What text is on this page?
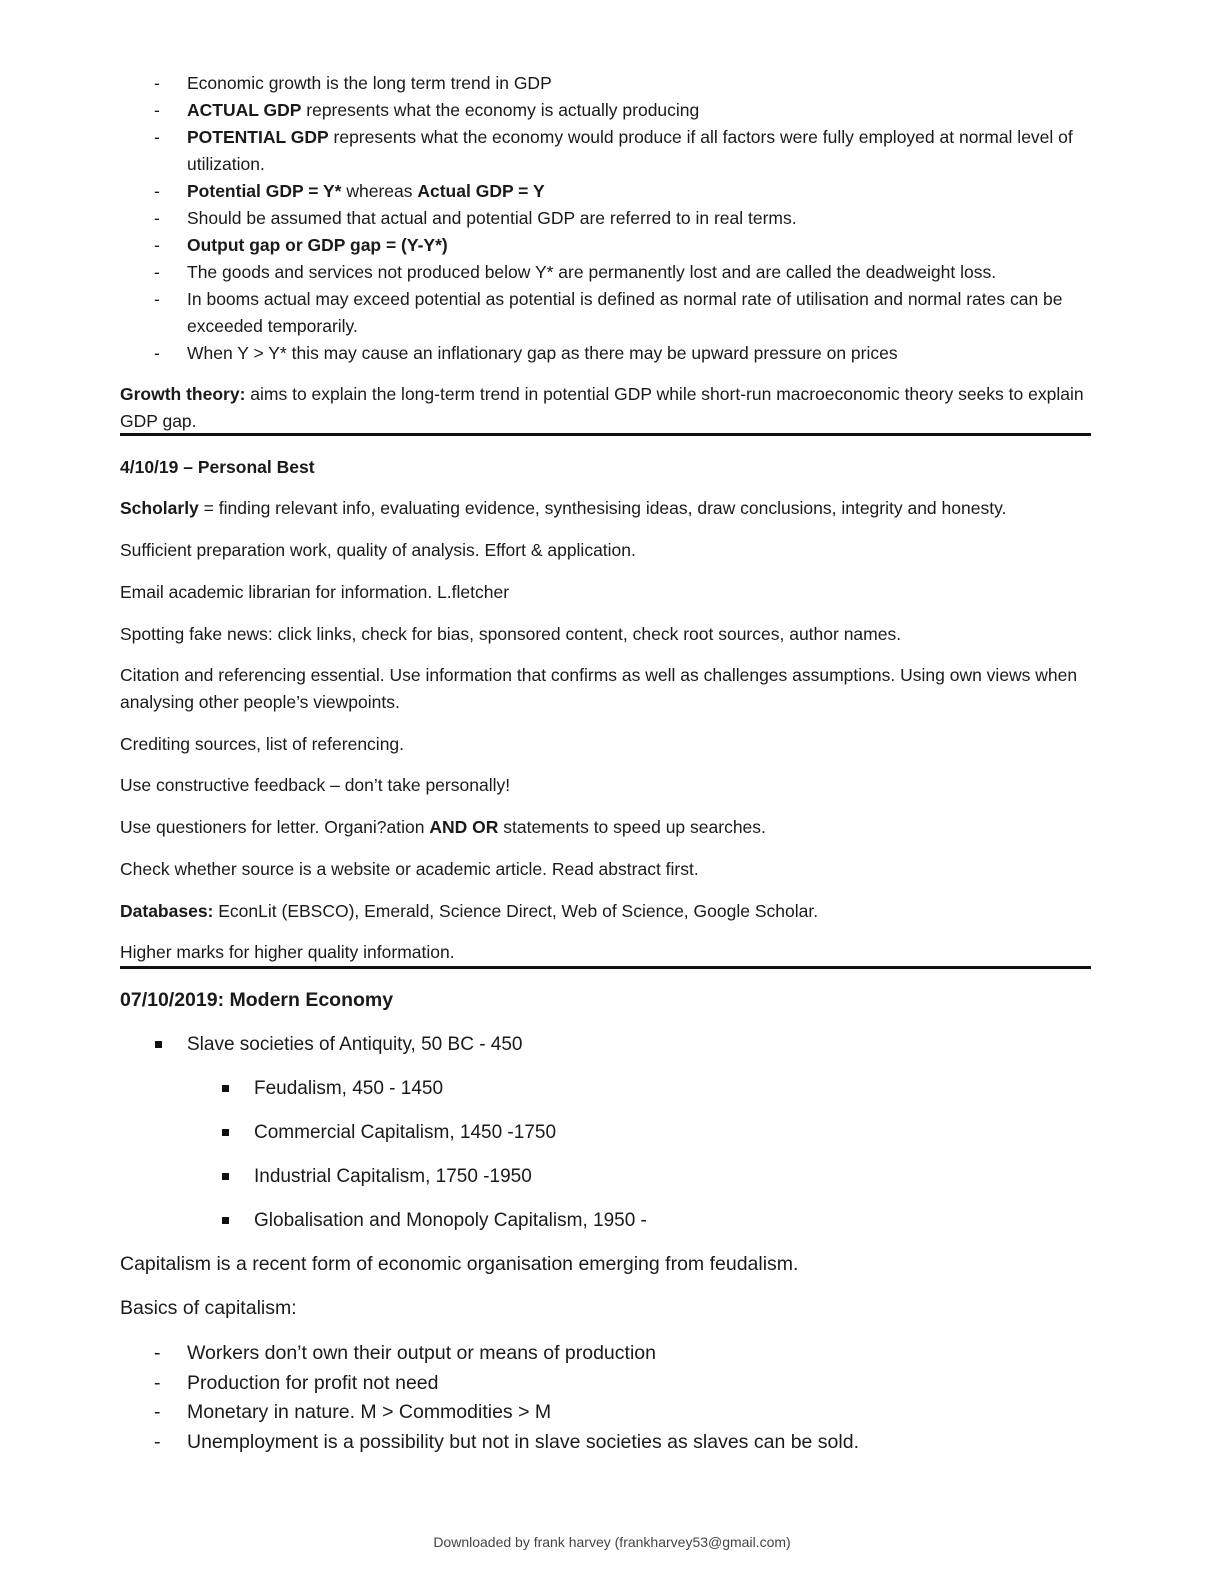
- Economic growth is the long term trend in GDP
- ACTUAL GDP represents what the economy is actually producing
- POTENTIAL GDP represents what the economy would produce if all factors were fully employed at normal level of utilization.
- Potential GDP = Y* whereas Actual GDP = Y
- Should be assumed that actual and potential GDP are referred to in real terms.
- Output gap or GDP gap = (Y-Y*)
- The goods and services not produced below Y* are permanently lost and are called the deadweight loss.
- In booms actual may exceed potential as potential is defined as normal rate of utilisation and normal rates can be exceeded temporarily.
- When Y > Y* this may cause an inflationary gap as there may be upward pressure on prices

Growth theory: aims to explain the long-term trend in potential GDP while short-run macroeconomic theory seeks to explain GDP gap.

4/10/19 – Personal Best

Scholarly = finding relevant info, evaluating evidence, synthesising ideas, draw conclusions, integrity and honesty.

Sufficient preparation work, quality of analysis. Effort & application.

Email academic librarian for information. L.fletcher

Spotting fake news: click links, check for bias, sponsored content, check root sources, author names.

Citation and referencing essential. Use information that confirms as well as challenges assumptions. Using own views when analysing other people’s viewpoints.

Crediting sources, list of referencing.

Use constructive feedback – don’t take personally!

Use questioners for letter. Organi?ation AND OR statements to speed up searches.

Check whether source is a website or academic article. Read abstract first.

Databases: EconLit (EBSCO), Emerald, Science Direct, Web of Science, Google Scholar.

Higher marks for higher quality information.

07/10/2019: Modern Economy

Slave societies of Antiquity, 50 BC - 450
Feudalism, 450 - 1450
Commercial Capitalism, 1450 -1750
Industrial Capitalism, 1750 -1950
Globalisation and Monopoly Capitalism, 1950 -

Capitalism is a recent form of economic organisation emerging from feudalism.

Basics of capitalism:

- Workers don’t own their output or means of production
- Production for profit not need
- Monetary in nature. M > Commodities > M
- Unemployment is a possibility but not in slave societies as slaves can be sold.
Downloaded by frank harvey (frankharvey53@gmail.com)
